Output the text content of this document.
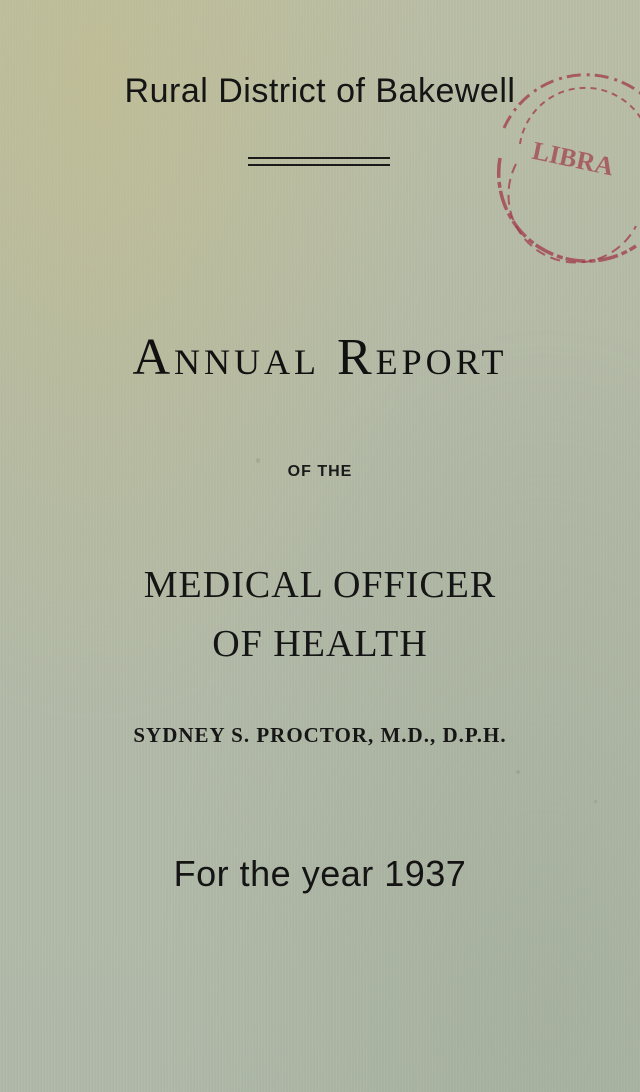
Rural District of Bakewell
LIBRA
Annual Report
OF THE
MEDICAL OFFICER
OF HEALTH
SYDNEY S. PROCTOR, M.D., D.P.H.
For the year 1937
